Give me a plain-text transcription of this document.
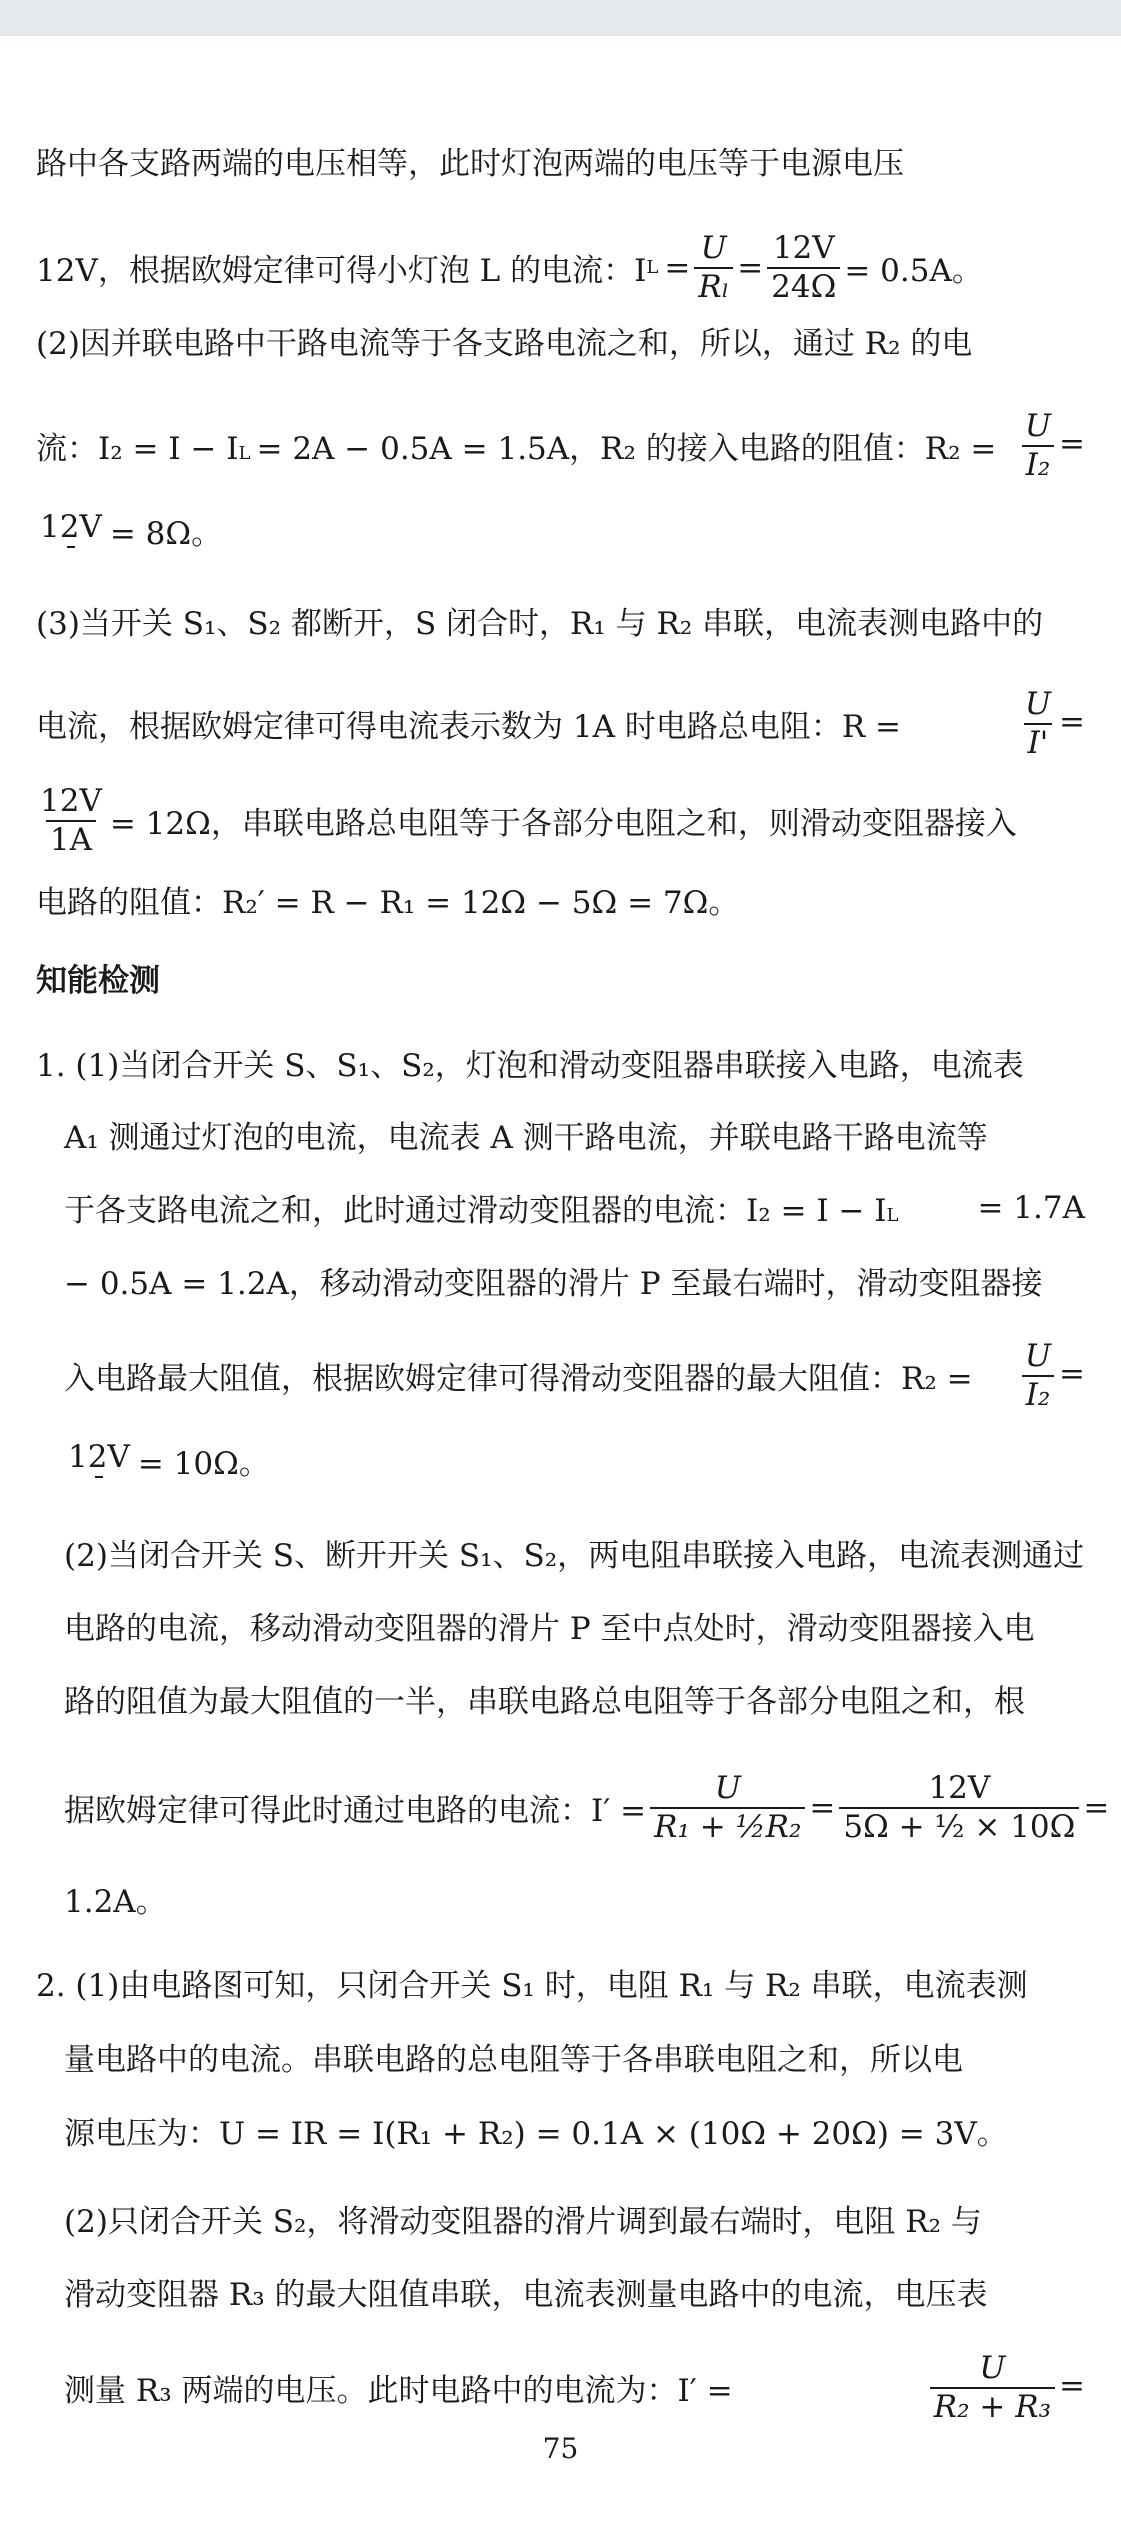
路中各支路两端的电压相等，此时灯泡两端的电压等于电源电压
12V，根据欧姆定律可得小灯泡 L 的电流：I $L = \frac{U}{\text{Rₗ}} = \frac{12V}{24\Omega} = 0.5A$。
(2)因并联电路中干路电流等于各支路电流之和，所以，通过 R₂ 的电
流：I₂ = I − IL = 2A − 0.5A = 1.5A，R₂ 的接入电路的阻值：$R_2 = \frac{U}{\text{I₂}}$ =
12V = 8Ω。
(3)当开关 S₁、S₂ 都断开，S 闭合时，R₁ 与 R₂ 串联，电流表测电路中的
电流，根据欧姆定律可得电流表示数为 1A 时电路总电阻：R =	$\frac{U}{I'}$ =
$\frac{12V}{1A} = 12\Omega$，串联电路总电阻等于各部分电阻之和，则滑动变阻器接入
电路的阻值：R₂′ = R − R₁ = 12Ω − 5Ω = 7Ω。
知能检测
1. (1)当闭合开关 S、S₁、S₂，灯泡和滑动变阻器串联接入电路，电流表
A₁ 测通过灯泡的电流，电流表 A 测干路电流，并联电路干路电流等
于各支路电流之和，此时通过滑动变阻器的电流：I₂ = I − IL	= 1.7A
− 0.5A = 1.2A，移动滑动变阻器的滑片 P 至最右端时，滑动变阻器接
入电路最大阻值，根据欧姆定律可得滑动变阻器的最大阻值：$R_2 = \frac{U}{\text{I₂}}$ =
12V = 10Ω。
(2)当闭合开关 S、断开开关 S₁、S₂，两电阻串联接入电路，电流表测通过
电路的电流，移动滑动变阻器的滑片 P 至中点处时，滑动变阻器接入电
路的阻值为最大阻值的一半，串联电路总电阻等于各部分电阻之和，根
据欧姆定律可得此时通过电路的电流：$I' = \frac{U}{\text{R₁ + ½R₂}} = \frac{12V}{\text{5Ω + ½ × 10Ω}}$ =
1.2A。
2. (1)由电路图可知，只闭合开关 S₁ 时，电阻 R₁ 与 R₂ 串联，电流表测
量电路中的电流。串联电路的总电阻等于各串联电阻之和，所以电
源电压为：U = IR = I(R₁ + R₂) = 0.1A × (10Ω + 20Ω) = 3V。
(2)只闭合开关 S₂，将滑动变阻器的滑片调到最右端时，电阻 R₂ 与
滑动变阻器 R₃ 的最大阻值串联，电流表测量电路中的电流，电压表
测量 R₃ 两端的电压。此时电路中的电流为：I′ =	$\frac{U}{\text{R₂ + R₃}}$ =
75
